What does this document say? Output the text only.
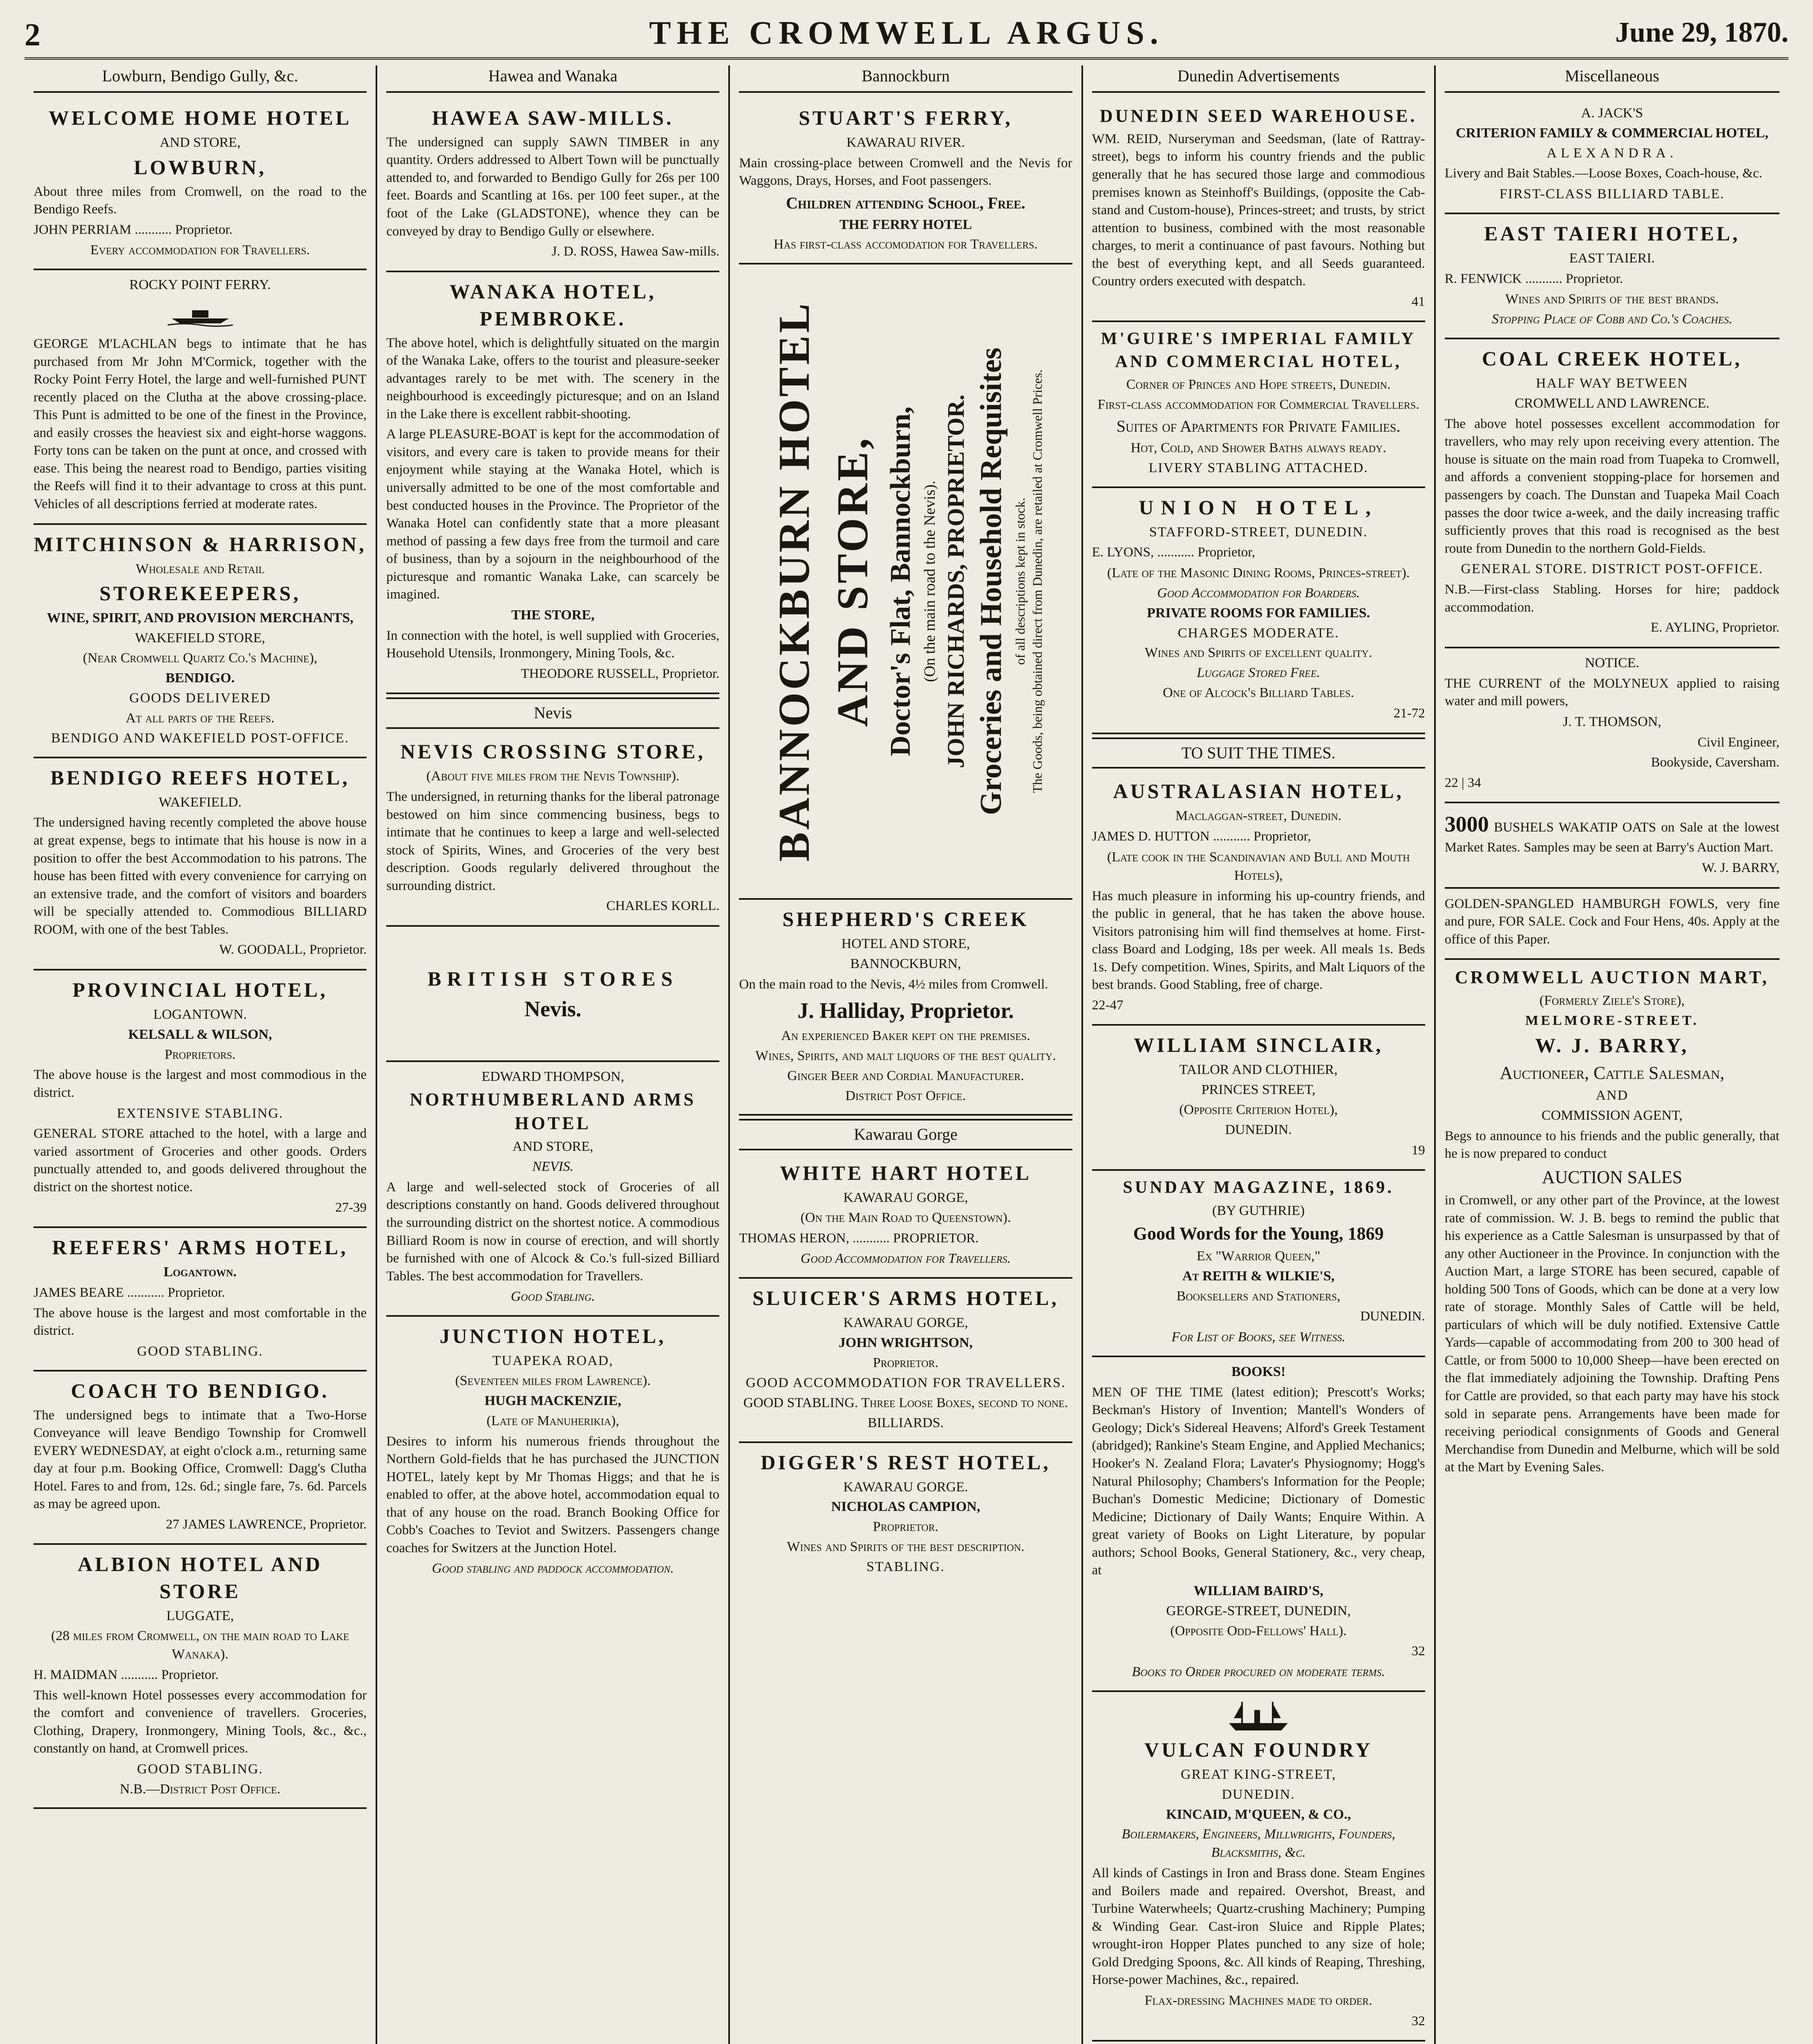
2	THE CROMWELL ARGUS.	June 29, 1870.
Lowburn, Bendigo Gully, &c.
WELCOME HOME HOTEL
AND STORE,
LOWBURN,
About three miles from Cromwell, on the road to the Bendigo Reefs.
JOHN PERRIAM ........... Proprietor.
Every accommodation for Travellers.
ROCKY POINT FERRY.
GEORGE M'LACHLAN begs to intimate that he has purchased from Mr John M'Cormick, together with the Rocky Point Ferry Hotel, the large and well-furnished PUNT recently placed on the Clutha at the above crossing-place. This Punt is admitted to be one of the finest in the Province, and easily crosses the heaviest six and eight-horse waggons. Forty tons can be taken on the punt at once, and crossed with ease. This being the nearest road to Bendigo, parties visiting the Reefs will find it to their advantage to cross at this punt. Vehicles of all descriptions ferried at moderate rates.
MITCHINSON & HARRISON,
Wholesale and Retail
STOREKEEPERS,
WINE, SPIRIT, AND PROVISION MERCHANTS,
WAKEFIELD STORE,
(Near Cromwell Quartz Co.'s Machine),
BENDIGO.
GOODS DELIVERED
At all parts of the Reefs.
BENDIGO AND WAKEFIELD POST-OFFICE.
BENDIGO REEFS HOTEL,
WAKEFIELD.
The undersigned having recently completed the above house at great expense, begs to intimate that his house is now in a position to offer the best Accommodation to his patrons. The house has been fitted with every convenience for carrying on an extensive trade, and the comfort of visitors and boarders will be specially attended to. Commodious BILLIARD ROOM, with one of the best Tables.
W. GOODALL, Proprietor.
PROVINCIAL HOTEL,
LOGANTOWN.
KELSALL & WILSON,
Proprietors.
The above house is the largest and most commodious in the district.
EXTENSIVE STABLING.
GENERAL STORE attached to the hotel, with a large and varied assortment of Groceries and other goods. Orders punctually attended to, and goods delivered throughout the district on the shortest notice.
27-39
REEFERS' ARMS HOTEL,
Logantown.
JAMES BEARE ........... Proprietor.
The above house is the largest and most comfortable in the district.
GOOD STABLING.
COACH TO BENDIGO.
The undersigned begs to intimate that a Two-Horse Conveyance will leave Bendigo Township for Cromwell EVERY WEDNESDAY, at eight o'clock a.m., returning same day at four p.m. Booking Office, Cromwell: Dagg's Clutha Hotel. Fares to and from, 12s. 6d.; single fare, 7s. 6d. Parcels as may be agreed upon.
27 JAMES LAWRENCE, Proprietor.
ALBION HOTEL AND STORE
LUGGATE,
(28 miles from Cromwell, on the main road to Lake Wanaka).
H. MAIDMAN ........... Proprietor.
This well-known Hotel possesses every accommodation for the comfort and convenience of travellers. Groceries, Clothing, Drapery, Ironmongery, Mining Tools, &c., &c., constantly on hand, at Cromwell prices.
GOOD STABLING.
N.B.—District Post Office.
Hawea and Wanaka
HAWEA SAW-MILLS.
The undersigned can supply SAWN TIMBER in any quantity. Orders addressed to Albert Town will be punctually attended to, and forwarded to Bendigo Gully for 26s per 100 feet. Boards and Scantling at 16s. per 100 feet super., at the foot of the Lake (GLADSTONE), whence they can be conveyed by dray to Bendigo Gully or elsewhere.
J. D. ROSS, Hawea Saw-mills.
WANAKA HOTEL, PEMBROKE.
The above hotel, which is delightfully situated on the margin of the Wanaka Lake, offers to the tourist and pleasure-seeker advantages rarely to be met with. The scenery in the neighbourhood is exceedingly picturesque; and on an Island in the Lake there is excellent rabbit-shooting.
A large PLEASURE-BOAT is kept for the accommodation of visitors, and every care is taken to provide means for their enjoyment while staying at the Wanaka Hotel, which is universally admitted to be one of the most comfortable and best conducted houses in the Province. The Proprietor of the Wanaka Hotel can confidently state that a more pleasant method of passing a few days free from the turmoil and care of business, than by a sojourn in the neighbourhood of the picturesque and romantic Wanaka Lake, can scarcely be imagined.
THE STORE,
In connection with the hotel, is well supplied with Groceries, Household Utensils, Ironmongery, Mining Tools, &c.
THEODORE RUSSELL, Proprietor.
Nevis
NEVIS CROSSING STORE,
(About five miles from the Nevis Township).
The undersigned, in returning thanks for the liberal patronage bestowed on him since commencing business, begs to intimate that he continues to keep a large and well-selected stock of Spirits, Wines, and Groceries of the very best description. Goods regularly delivered throughout the surrounding district.
CHARLES KORLL.
BRITISH STORES
Nevis.
EDWARD THOMPSON,
NORTHUMBERLAND ARMS HOTEL
AND STORE,
NEVIS.
A large and well-selected stock of Groceries of all descriptions constantly on hand. Goods delivered throughout the surrounding district on the shortest notice. A commodious Billiard Room is now in course of erection, and will shortly be furnished with one of Alcock & Co.'s full-sized Billiard Tables. The best accommodation for Travellers.
Good Stabling.
JUNCTION HOTEL,
TUAPEKA ROAD,
(Seventeen miles from Lawrence).
HUGH MACKENZIE,
(Late of Manuherikia),
Desires to inform his numerous friends throughout the Northern Gold-fields that he has purchased the JUNCTION HOTEL, lately kept by Mr Thomas Higgs; and that he is enabled to offer, at the above hotel, accommodation equal to that of any house on the road. Branch Booking Office for Cobb's Coaches to Teviot and Switzers. Passengers change coaches for Switzers at the Junction Hotel.
Good stabling and paddock accommodation.
Bannockburn
STUART'S FERRY,
KAWARAU RIVER.
Main crossing-place between Cromwell and the Nevis for Waggons, Drays, Horses, and Foot passengers.
Children attending School, Free.
THE FERRY HOTEL
Has first-class accomodation for Travellers.
BANNOCKBURN HOTEL AND STORE, Doctor's Flat, Bannockburn, (On the main road to the Nevis). JOHN RICHARDS, PROPRIETOR. Groceries and Household Requisites of all descriptions kept in stock. The Goods, being obtained direct from Dunedin, are retailed at Cromwell Prices.
SHEPHERD'S CREEK
HOTEL AND STORE,
BANNOCKBURN,
On the main road to the Nevis, 4½ miles from Cromwell.
J. Halliday, Proprietor.
An experienced Baker kept on the premises.
Wines, Spirits, and malt liquors of the best quality.
Ginger Beer and Cordial Manufacturer.
District Post Office.
Kawarau Gorge
WHITE HART HOTEL
KAWARAU GORGE,
(On the Main Road to Queenstown).
THOMAS HERON, ........... PROPRIETOR.
Good Accommodation for Travellers.
SLUICER'S ARMS HOTEL,
KAWARAU GORGE,
JOHN WRIGHTSON,
Proprietor.
GOOD ACCOMMODATION FOR TRAVELLERS.
GOOD STABLING. Three Loose Boxes, second to none.
BILLIARDS.
DIGGER'S REST HOTEL,
KAWARAU GORGE.
NICHOLAS CAMPION,
Proprietor.
Wines and Spirits of the best description.
STABLING.
Dunedin Advertisements
DUNEDIN SEED WAREHOUSE.
WM. REID, Nurseryman and Seedsman, (late of Rattray-street), begs to inform his country friends and the public generally that he has secured those large and commodious premises known as Steinhoff's Buildings, (opposite the Cab-stand and Custom-house), Princes-street; and trusts, by strict attention to business, combined with the most reasonable charges, to merit a continuance of past favours. Nothing but the best of everything kept, and all Seeds guaranteed. Country orders executed with despatch.
41
M'GUIRE'S IMPERIAL FAMILY AND COMMERCIAL HOTEL,
Corner of Princes and Hope streets, Dunedin.
First-class accommodation for Commercial Travellers.
Suites of Apartments for Private Families.
Hot, Cold, and Shower Baths always ready.
LIVERY STABLING ATTACHED.
UNION HOTEL,
STAFFORD-STREET, DUNEDIN.
E. LYONS, ........... Proprietor,
(Late of the Masonic Dining Rooms, Princes-street).
Good Accommodation for Boarders.
PRIVATE ROOMS FOR FAMILIES.
CHARGES MODERATE.
Wines and Spirits of excellent quality.
Luggage Stored Free.
One of Alcock's Billiard Tables.
21-72
TO SUIT THE TIMES.
AUSTRALASIAN HOTEL,
Maclaggan-street, Dunedin.
JAMES D. HUTTON ........... Proprietor,
(Late cook in the Scandinavian and Bull and Mouth Hotels),
Has much pleasure in informing his up-country friends, and the public in general, that he has taken the above house. Visitors patronising him will find themselves at home. First-class Board and Lodging, 18s per week. All meals 1s. Beds 1s. Defy competition. Wines, Spirits, and Malt Liquors of the best brands. Good Stabling, free of charge.
22-47
WILLIAM SINCLAIR,
TAILOR AND CLOTHIER,
PRINCES STREET,
(Opposite Criterion Hotel),
DUNEDIN.
19
SUNDAY MAGAZINE, 1869.
(BY GUTHRIE)
Good Words for the Young, 1869
Ex "Warrior Queen,"
At REITH & WILKIE'S,
Booksellers and Stationers,
DUNEDIN.
For List of Books, see Witness.
BOOKS!
MEN OF THE TIME (latest edition); Prescott's Works; Beckman's History of Invention; Mantell's Wonders of Geology; Dick's Sidereal Heavens; Alford's Greek Testament (abridged); Rankine's Steam Engine, and Applied Mechanics; Hooker's N. Zealand Flora; Lavater's Physiognomy; Hogg's Natural Philosophy; Chambers's Information for the People; Buchan's Domestic Medicine; Dictionary of Domestic Medicine; Dictionary of Daily Wants; Enquire Within. A great variety of Books on Light Literature, by popular authors; School Books, General Stationery, &c., very cheap, at
WILLIAM BAIRD'S,
GEORGE-STREET, DUNEDIN,
(Opposite Odd-Fellows' Hall).
32
Books to Order procured on moderate terms.
VULCAN FOUNDRY
GREAT KING-STREET,
DUNEDIN.
KINCAID, M'QUEEN, & CO.,
Boilermakers, Engineers, Millwrights, Founders, Blacksmiths, &c.
All kinds of Castings in Iron and Brass done. Steam Engines and Boilers made and repaired. Overshot, Breast, and Turbine Waterwheels; Quartz-crushing Machinery; Pumping & Winding Gear. Cast-iron Sluice and Ripple Plates; wrought-iron Hopper Plates punched to any size of hole; Gold Dredging Spoons, &c. All kinds of Reaping, Threshing, Horse-power Machines, &c., repaired.
Flax-dressing Machines made to order.
32
Miscellaneous
A. JACK'S
CRITERION FAMILY & COMMERCIAL HOTEL,
ALEXANDRA.
Livery and Bait Stables.—Loose Boxes, Coach-house, &c.
FIRST-CLASS BILLIARD TABLE.
EAST TAIERI HOTEL,
EAST TAIERI.
R. FENWICK ........... Proprietor.
Wines and Spirits of the best brands.
Stopping Place of Cobb and Co.'s Coaches.
COAL CREEK HOTEL,
HALF WAY BETWEEN
CROMWELL AND LAWRENCE.
The above hotel possesses excellent accommodation for travellers, who may rely upon receiving every attention. The house is situate on the main road from Tuapeka to Cromwell, and affords a convenient stopping-place for horsemen and passengers by coach. The Dunstan and Tuapeka Mail Coach passes the door twice a-week, and the daily increasing traffic sufficiently proves that this road is recognised as the best route from Dunedin to the northern Gold-Fields.
GENERAL STORE. DISTRICT POST-OFFICE.
N.B.—First-class Stabling. Horses for hire; paddock accommodation.
E. AYLING, Proprietor.
NOTICE.
THE CURRENT of the MOLYNEUX applied to raising water and mill powers,
J. T. THOMSON,
Civil Engineer,
Bookyside, Caversham.
22 | 34
3000 BUSHELS WAKATIP OATS on Sale at the lowest Market Rates. Samples may be seen at Barry's Auction Mart.
W. J. BARRY,
GOLDEN-SPANGLED HAMBURGH FOWLS, very fine and pure, FOR SALE. Cock and Four Hens, 40s. Apply at the office of this Paper.
CROMWELL AUCTION MART,
(Formerly Ziele's Store),
MELMORE-STREET.
W. J. BARRY,
Auctioneer, Cattle Salesman,
AND
COMMISSION AGENT,
Begs to announce to his friends and the public generally, that he is now prepared to conduct
AUCTION SALES
in Cromwell, or any other part of the Province, at the lowest rate of commission. W. J. B. begs to remind the public that his experience as a Cattle Salesman is unsurpassed by that of any other Auctioneer in the Province. In conjunction with the Auction Mart, a large STORE has been secured, capable of holding 500 Tons of Goods, which can be done at a very low rate of storage. Monthly Sales of Cattle will be held, particulars of which will be duly notified. Extensive Cattle Yards—capable of accommodating from 200 to 300 head of Cattle, or from 5000 to 10,000 Sheep—have been erected on the flat immediately adjoining the Township. Drafting Pens for Cattle are provided, so that each party may have his stock sold in separate pens. Arrangements have been made for receiving periodical consignments of Goods and General Merchandise from Dunedin and Melburne, which will be sold at the Mart by Evening Sales.
